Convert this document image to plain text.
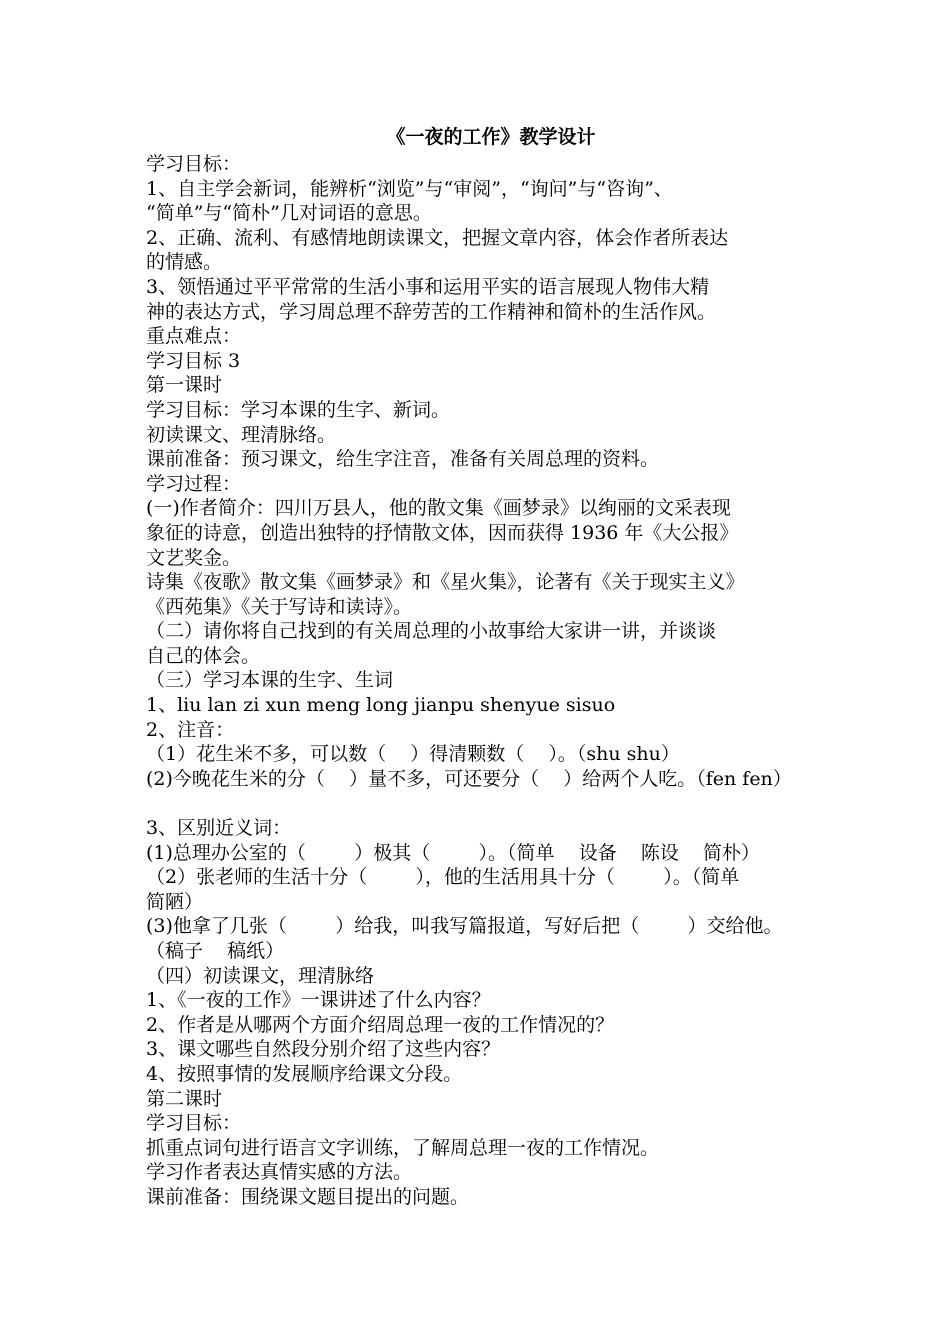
《一夜的工作》教学设计
学习目标：
1、自主学会新词，能辨析“浏览”与“审阅”，“询问”与“咨询”、
“简单”与“简朴”几对词语的意思。
2、正确、流利、有感情地朗读课文，把握文章内容，体会作者所表达
的情感。
3、领悟通过平平常常的生活小事和运用平实的语言展现人物伟大精
神的表达方式，学习周总理不辞劳苦的工作精神和简朴的生活作风。
重点难点：
学习目标 3
第一课时
学习目标：学习本课的生字、新词。
初读课文、理清脉络。
课前准备：预习课文，给生字注音，准备有关周总理的资料。
学习过程：
(一)作者简介：四川万县人，他的散文集《画梦录》以绚丽的文采表现
象征的诗意，创造出独特的抒情散文体，因而获得 1936 年《大公报》
文艺奖金。
诗集《夜歌》散文集《画梦录》和《星火集》，论著有《关于现实主义》
《西苑集》《关于写诗和读诗》。
（二）请你将自己找到的有关周总理的小故事给大家讲一讲，并谈谈
自己的体会。
（三）学习本课的生字、生词
1、liu lan zi xun meng long jianpu shenyue sisuo
2、注音：
（1）花生米不多，可以数（    ）得清颗数（    ）。（shu shu）
(2)今晚花生米的分（    ）量不多，可还要分（    ）给两个人吃。（fen fen）
3、区别近义词：
(1)总理办公室的（        ）极其（        ）。（简单    设备    陈设    简朴）
（2）张老师的生活十分（        ），他的生活用具十分（        ）。（简单
简陋）
(3)他拿了几张（        ）给我，叫我写篇报道，写好后把（        ）交给他。
（稿子    稿纸）
（四）初读课文，理清脉络
1、《一夜的工作》一课讲述了什么内容？
2、作者是从哪两个方面介绍周总理一夜的工作情况的？
3、课文哪些自然段分别介绍了这些内容？
4、按照事情的发展顺序给课文分段。
第二课时
学习目标：
抓重点词句进行语言文字训练，了解周总理一夜的工作情况。
学习作者表达真情实感的方法。
课前准备：围绕课文题目提出的问题。
